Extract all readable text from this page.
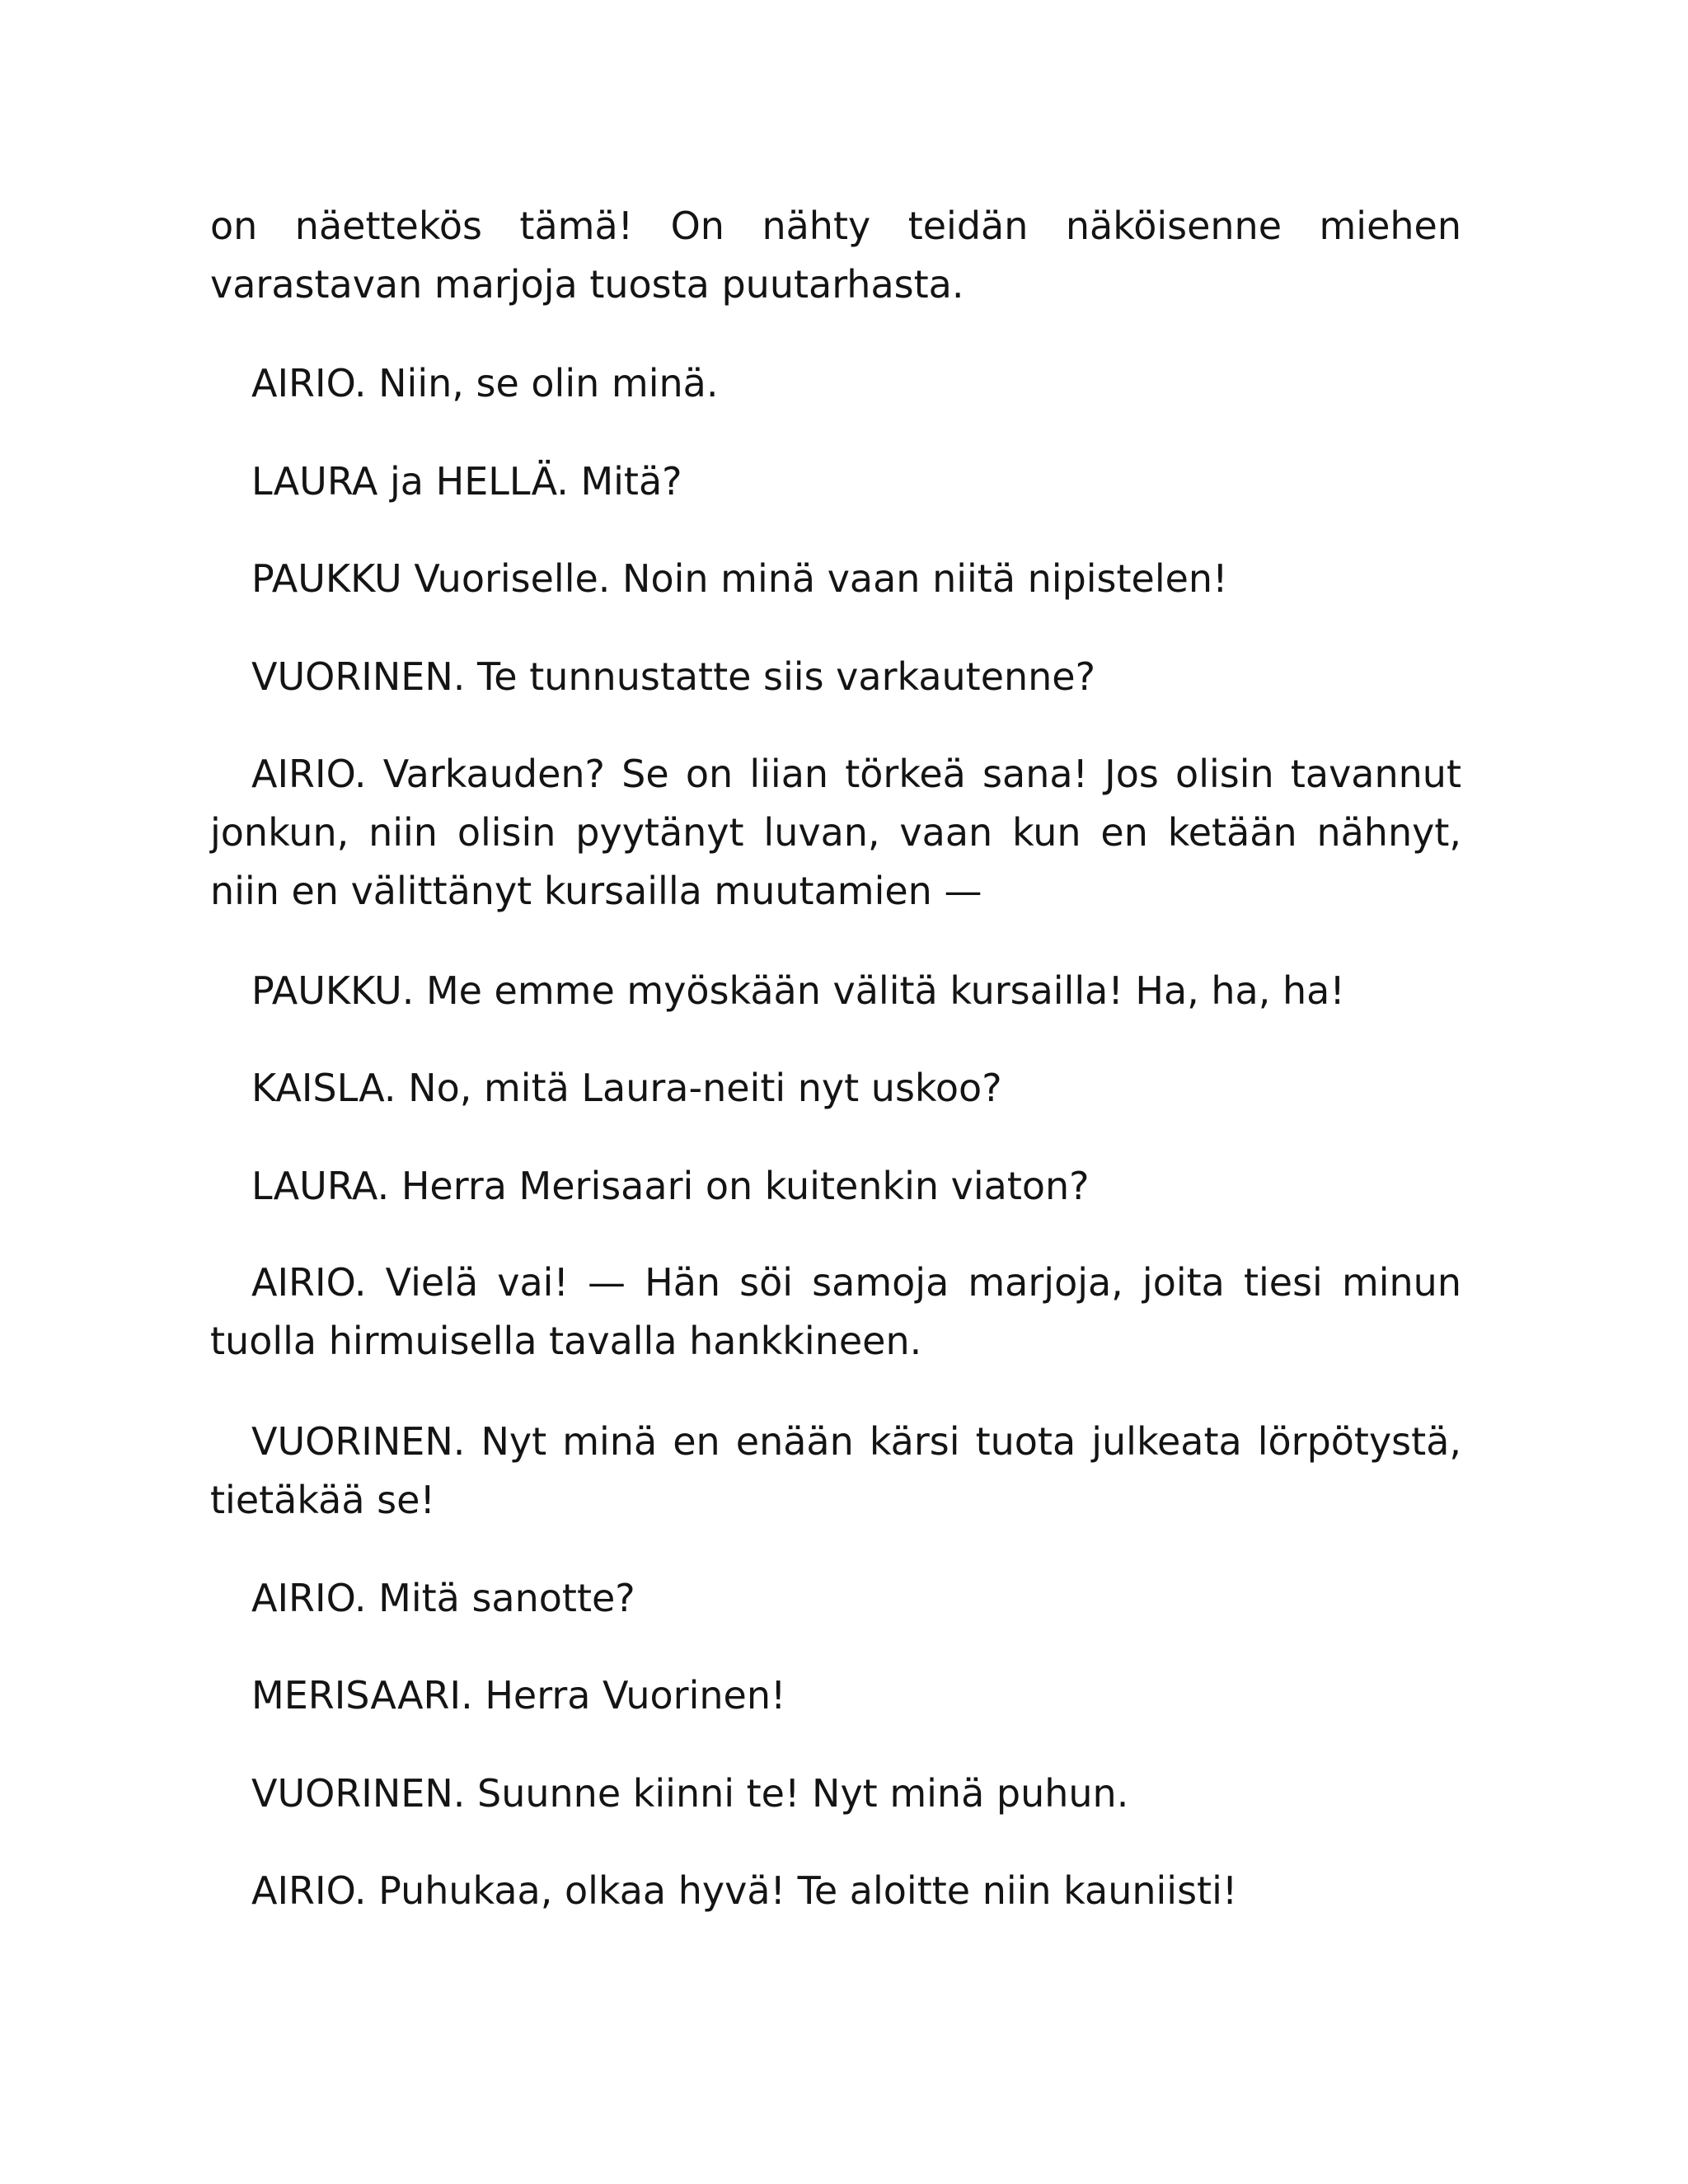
on näettekös tämä! On nähty teidän näköisenne miehen varastavan marjoja tuosta puutarhasta.

AIRIO. Niin, se olin minä.

LAURA ja HELLÄ. Mitä?

PAUKKU Vuoriselle. Noin minä vaan niitä nipistelen!

VUORINEN. Te tunnustatte siis varkautenne?

AIRIO. Varkauden? Se on liian törkeä sana! Jos olisin tavannut jonkun, niin olisin pyytänyt luvan, vaan kun en ketään nähnyt, niin en välittänyt kursailla muutamien —

PAUKKU. Me emme myöskään välitä kursailla! Ha, ha, ha!

KAISLA. No, mitä Laura-neiti nyt uskoo?

LAURA. Herra Merisaari on kuitenkin viaton?

AIRIO. Vielä vai! — Hän söi samoja marjoja, joita tiesi minun tuolla hirmuisella tavalla hankkineen.

VUORINEN. Nyt minä en enään kärsi tuota julkeata lörpötystä, tietäkää se!

AIRIO. Mitä sanotte?

MERISAARI. Herra Vuorinen!

VUORINEN. Suunne kiinni te! Nyt minä puhun.

AIRIO. Puhukaa, olkaa hyvä! Te aloitte niin kauniisti!
